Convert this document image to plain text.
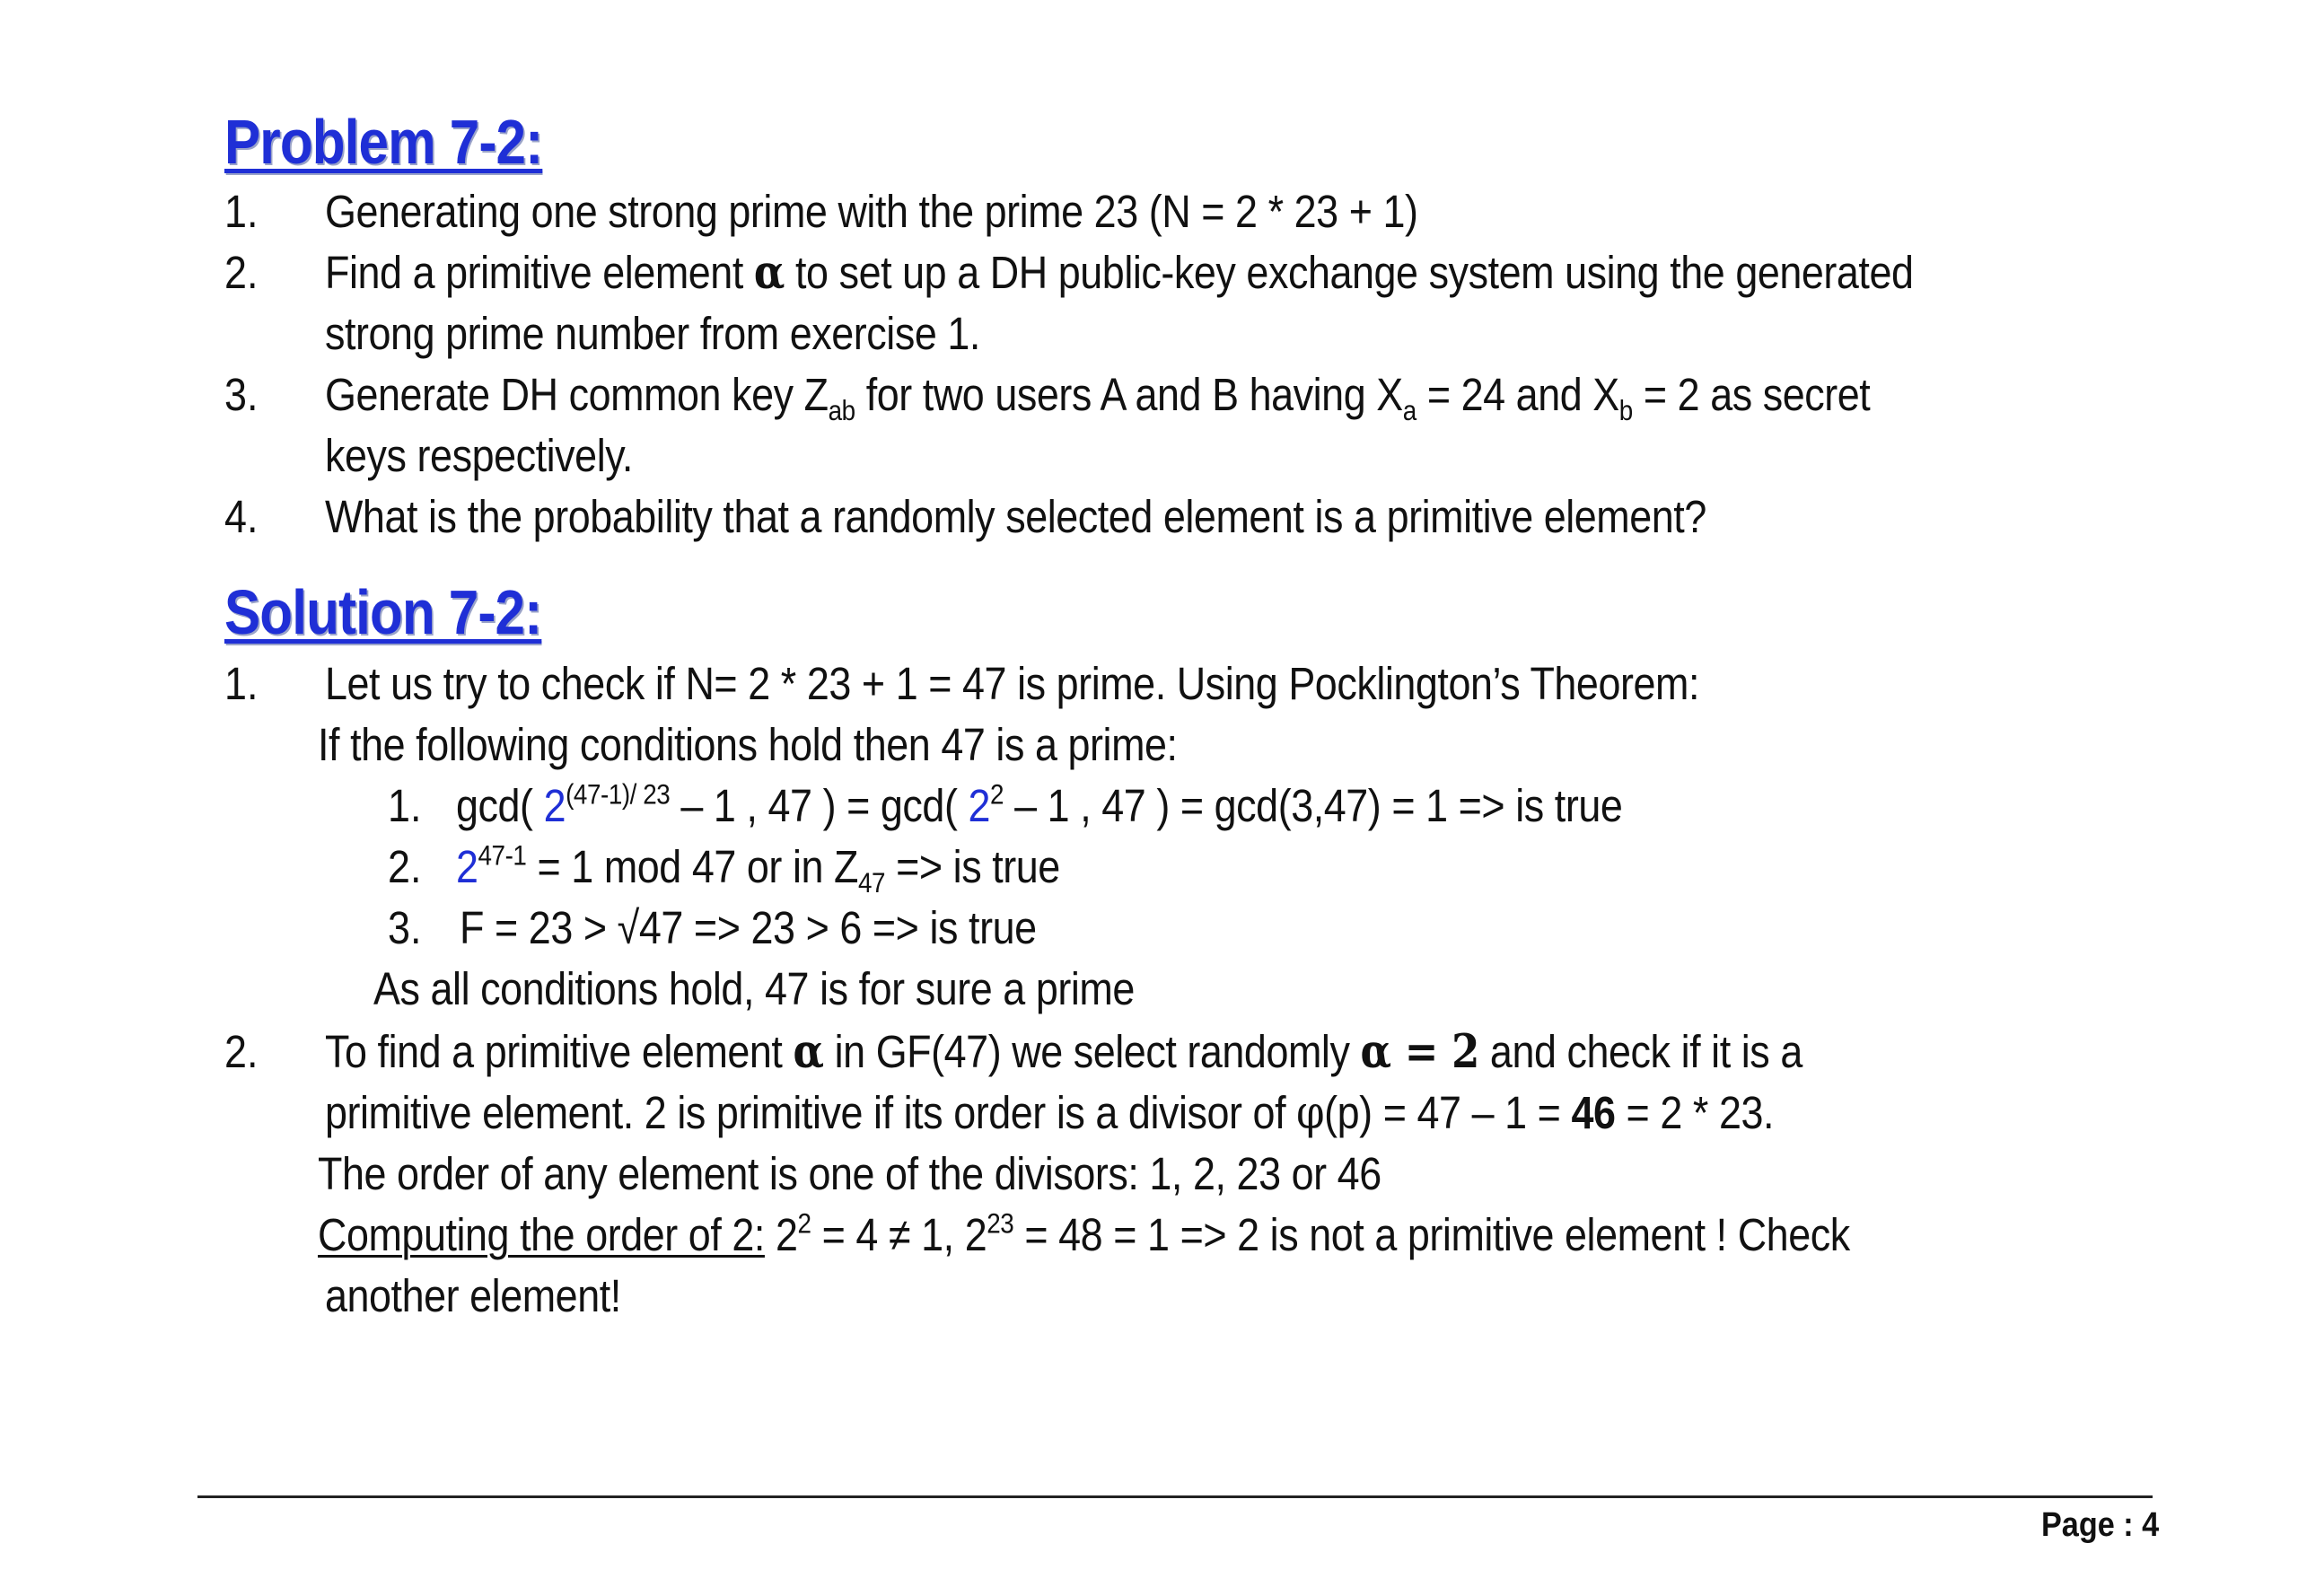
Problem 7-2:
1. Generating one strong prime with the prime 23 (N = 2 * 23 + 1)
2. Find a primitive element α to set up a DH public-key exchange system using the generated
strong prime number from exercise 1.
3. Generate DH common key $Z_{ab}$ for two users A and B having $X_a = 24$ and $X_b = 2$ as secret
keys respectively.
4. What is the probability that a randomly selected element is a primitive element?
Solution 7-2:
1. Let us try to check if N= 2 * 23 + 1 = 47 is prime. Using Pocklington’s Theorem:
If the following conditions hold then 47 is a prime:
1. gcd( $2^{(47-1)/ 23} - 1$ , 47 ) = gcd( $2^2 - 1$ , 47 ) = gcd(3,47) = 1 => is true
2. $2^{47-1} = 1$ mod 47 or in $Z_{47}$ => is true
3. F = 23 > √47 => 23 > 6 => is true
As all conditions hold, 47 is for sure a prime
2. To find a primitive element α in GF(47) we select randomly α = 2 and check if it is a
primitive element. 2 is primitive if its order is a divisor of φ(p) = 47 – 1 = 46 = 2 * 23.
The order of any element is one of the divisors: 1, 2, 23 or 46
Computing the order of 2: $2^2 = 4 \ne 1$, $2^{23} = 48 = 1 => 2$ is not a primitive element ! Check
another element!
Page : 4
